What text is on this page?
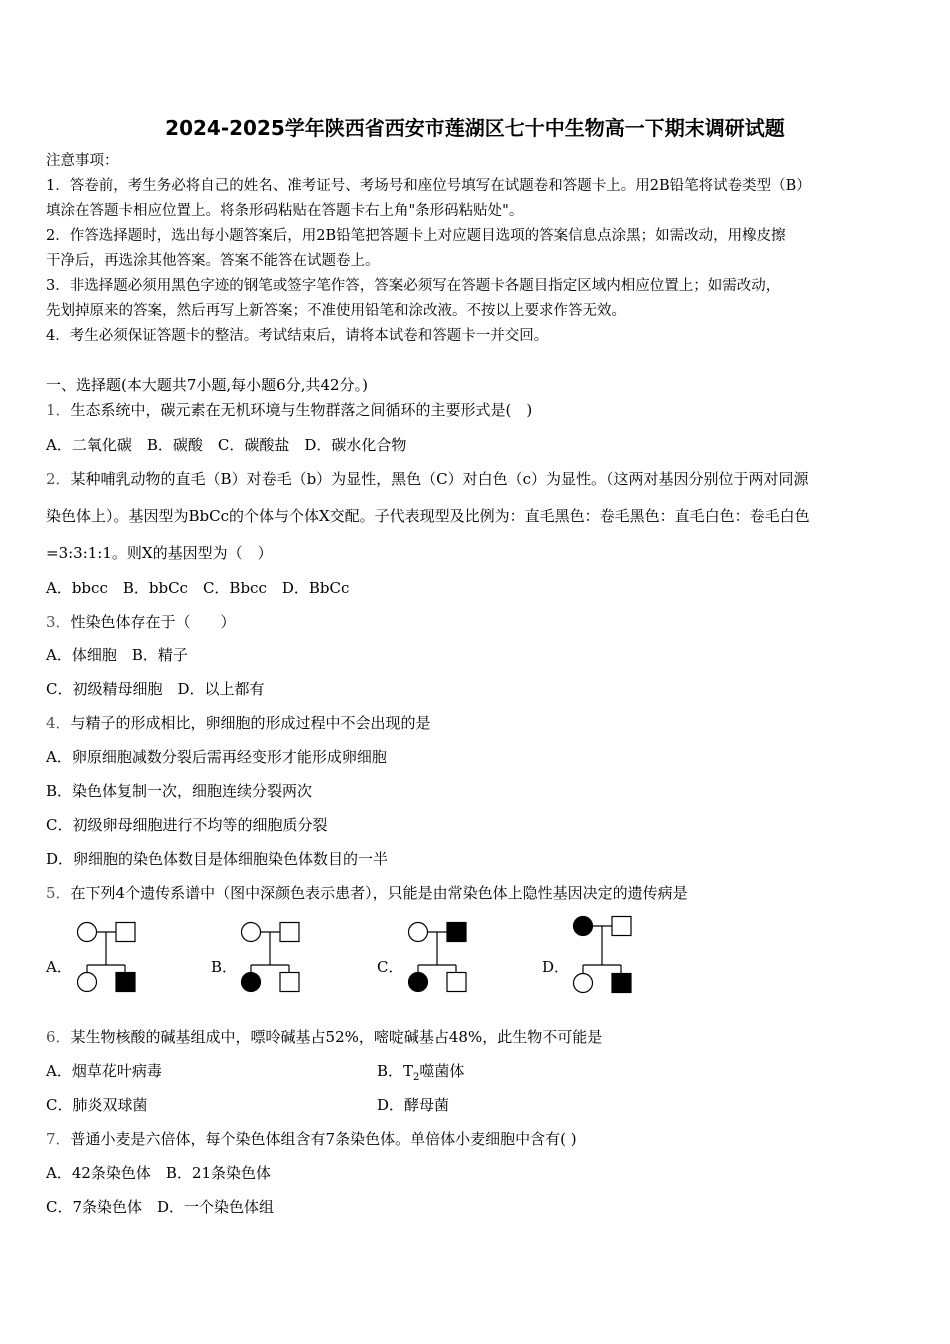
2024-2025学年陕西省西安市莲湖区七十中生物高一下期末调研试题
注意事项：
1．答卷前，考生务必将自己的姓名、准考证号、考场号和座位号填写在试题卷和答题卡上。用2B铅笔将试卷类型（B）
填涂在答题卡相应位置上。将条形码粘贴在答题卡右上角"条形码粘贴处"。
2．作答选择题时，选出每小题答案后，用2B铅笔把答题卡上对应题目选项的答案信息点涂黑；如需改动，用橡皮擦
干净后，再选涂其他答案。答案不能答在试题卷上。
3．非选择题必须用黑色字迹的钢笔或签字笔作答，答案必须写在答题卡各题目指定区域内相应位置上；如需改动，
先划掉原来的答案，然后再写上新答案；不准使用铅笔和涂改液。不按以上要求作答无效。
4．考生必须保证答题卡的整洁。考试结束后，请将本试卷和答题卡一并交回。
一、选择题(本大题共7小题,每小题6分,共42分。)
1．生态系统中，碳元素在无机环境与生物群落之间循环的主要形式是(　)
A．二氧化碳　B．碳酸　C．碳酸盐　D．碳水化合物
2．某种哺乳动物的直毛（B）对卷毛（b）为显性，黑色（C）对白色（c）为显性。（这两对基因分别位于两对同源
染色体上）。基因型为BbCc的个体与个体X交配。子代表现型及比例为：直毛黑色：卷毛黑色：直毛白色：卷毛白色
=3:3:1:1。则X的基因型为（　）
A．bbcc　B．bbCc　C．Bbcc　D．BbCc
3．性染色体存在于（　　）
A．体细胞　B．精子
C．初级精母细胞　D．以上都有
4．与精子的形成相比，卵细胞的形成过程中不会出现的是
A．卵原细胞减数分裂后需再经变形才能形成卵细胞
B．染色体复制一次，细胞连续分裂两次
C．初级卵母细胞进行不均等的细胞质分裂
D．卵细胞的染色体数目是体细胞染色体数目的一半
5．在下列4个遗传系谱中（图中深颜色表示患者），只能是由常染色体上隐性基因决定的遗传病是
A．	B．	C．	D．
6．某生物核酸的碱基组成中，嘌呤碱基占52%，嘧啶碱基占48%，此生物不可能是
A．烟草花叶病毒	B．$T_2$噬菌体
C．肺炎双球菌	D．酵母菌
7．普通小麦是六倍体，每个染色体组含有7条染色体。单倍体小麦细胞中含有( )
A．42条染色体　B．21条染色体
C．7条染色体　D．一个染色体组
